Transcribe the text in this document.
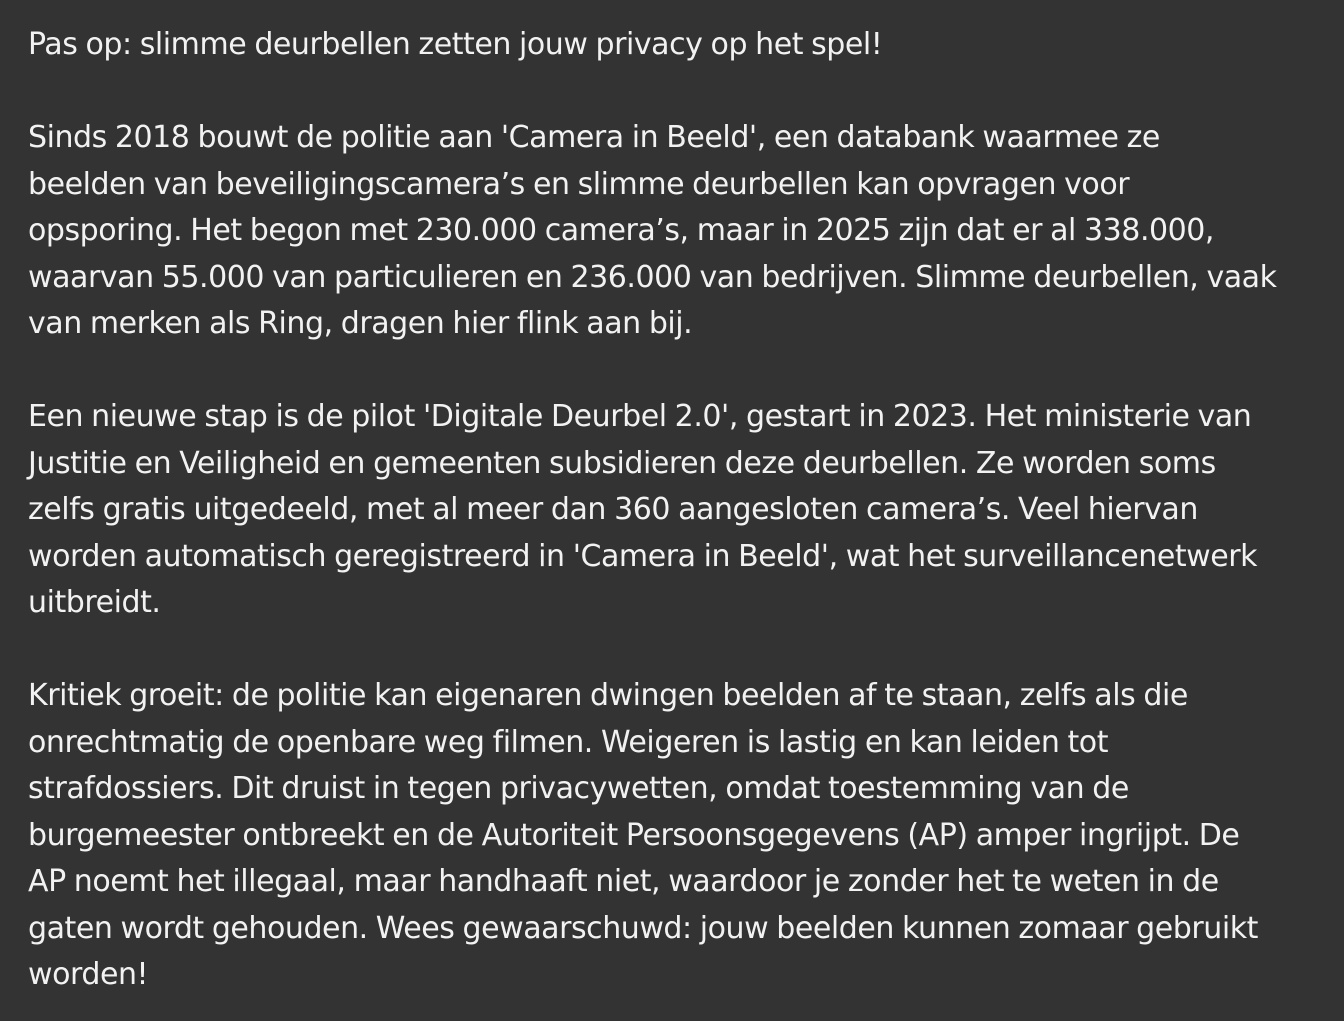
Pas op: slimme deurbellen zetten jouw privacy op het spel!

Sinds 2018 bouwt de politie aan 'Camera in Beeld', een databank waarmee ze
beelden van beveiligingscamera’s en slimme deurbellen kan opvragen voor
opsporing. Het begon met 230.000 camera’s, maar in 2025 zijn dat er al 338.000,
waarvan 55.000 van particulieren en 236.000 van bedrijven. Slimme deurbellen, vaak
van merken als Ring, dragen hier flink aan bij.

Een nieuwe stap is de pilot 'Digitale Deurbel 2.0', gestart in 2023. Het ministerie van
Justitie en Veiligheid en gemeenten subsidieren deze deurbellen. Ze worden soms
zelfs gratis uitgedeeld, met al meer dan 360 aangesloten camera’s. Veel hiervan
worden automatisch geregistreerd in 'Camera in Beeld', wat het surveillancenetwerk
uitbreidt.

Kritiek groeit: de politie kan eigenaren dwingen beelden af te staan, zelfs als die
onrechtmatig de openbare weg filmen. Weigeren is lastig en kan leiden tot
strafdossiers. Dit druist in tegen privacywetten, omdat toestemming van de
burgemeester ontbreekt en de Autoriteit Persoonsgegevens (AP) amper ingrijpt. De
AP noemt het illegaal, maar handhaaft niet, waardoor je zonder het te weten in de
gaten wordt gehouden. Wees gewaarschuwd: jouw beelden kunnen zomaar gebruikt
worden!
